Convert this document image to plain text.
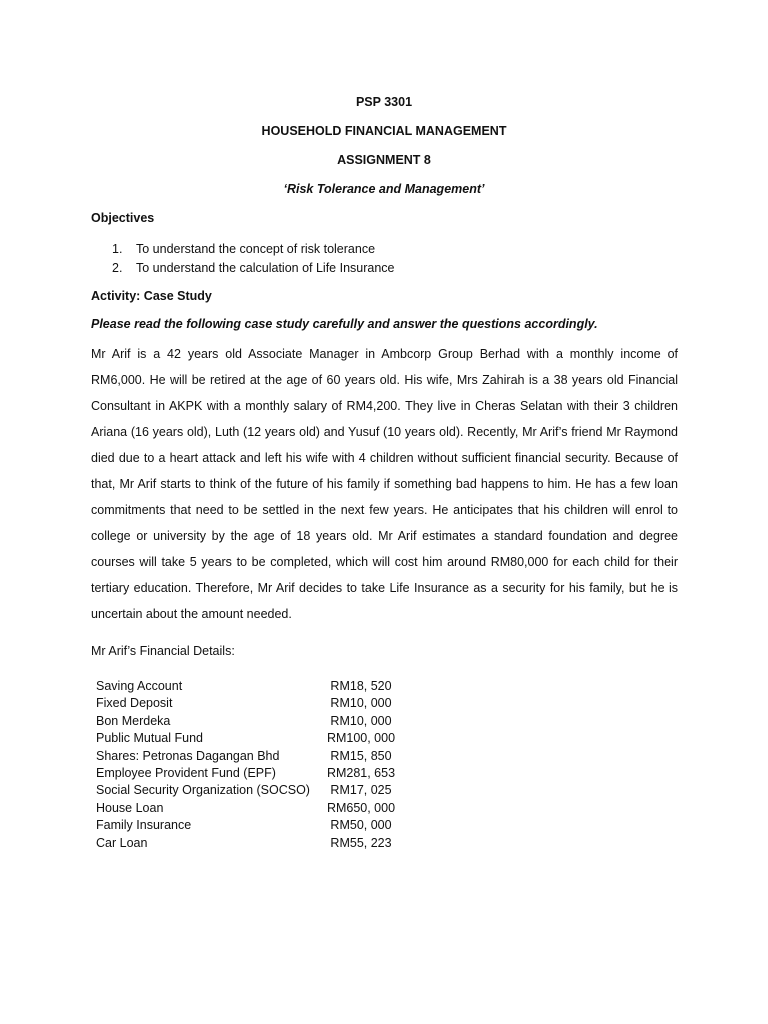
PSP 3301
HOUSEHOLD FINANCIAL MANAGEMENT
ASSIGNMENT 8
‘Risk Tolerance and Management’
Objectives
1. To understand the concept of risk tolerance
2. To understand the calculation of Life Insurance
Activity: Case Study
Please read the following case study carefully and answer the questions accordingly.

Mr Arif is a 42 years old Associate Manager in Ambcorp Group Berhad with a monthly income of RM6,000. He will be retired at the age of 60 years old. His wife, Mrs Zahirah is a 38 years old Financial Consultant in AKPK with a monthly salary of RM4,200. They live in Cheras Selatan with their 3 children Ariana (16 years old), Luth (12 years old) and Yusuf (10 years old). Recently, Mr Arif’s friend Mr Raymond died due to a heart attack and left his wife with 4 children without sufficient financial security. Because of that, Mr Arif starts to think of the future of his family if something bad happens to him. He has a few loan commitments that need to be settled in the next few years. He anticipates that his children will enrol to college or university by the age of 18 years old. Mr Arif estimates a standard foundation and degree courses will take 5 years to be completed, which will cost him around RM80,000 for each child for their tertiary education. Therefore, Mr Arif decides to take Life Insurance as a security for his family, but he is uncertain about the amount needed.

Mr Arif’s Financial Details:
Saving Account	RM18, 520
Fixed Deposit	RM10, 000
Bon Merdeka	RM10, 000
Public Mutual Fund	RM100, 000
Shares: Petronas Dagangan Bhd	RM15, 850
Employee Provident Fund (EPF)	RM281, 653
Social Security Organization (SOCSO)	RM17, 025
House Loan	RM650, 000
Family Insurance	RM50, 000
Car Loan	RM55, 223
